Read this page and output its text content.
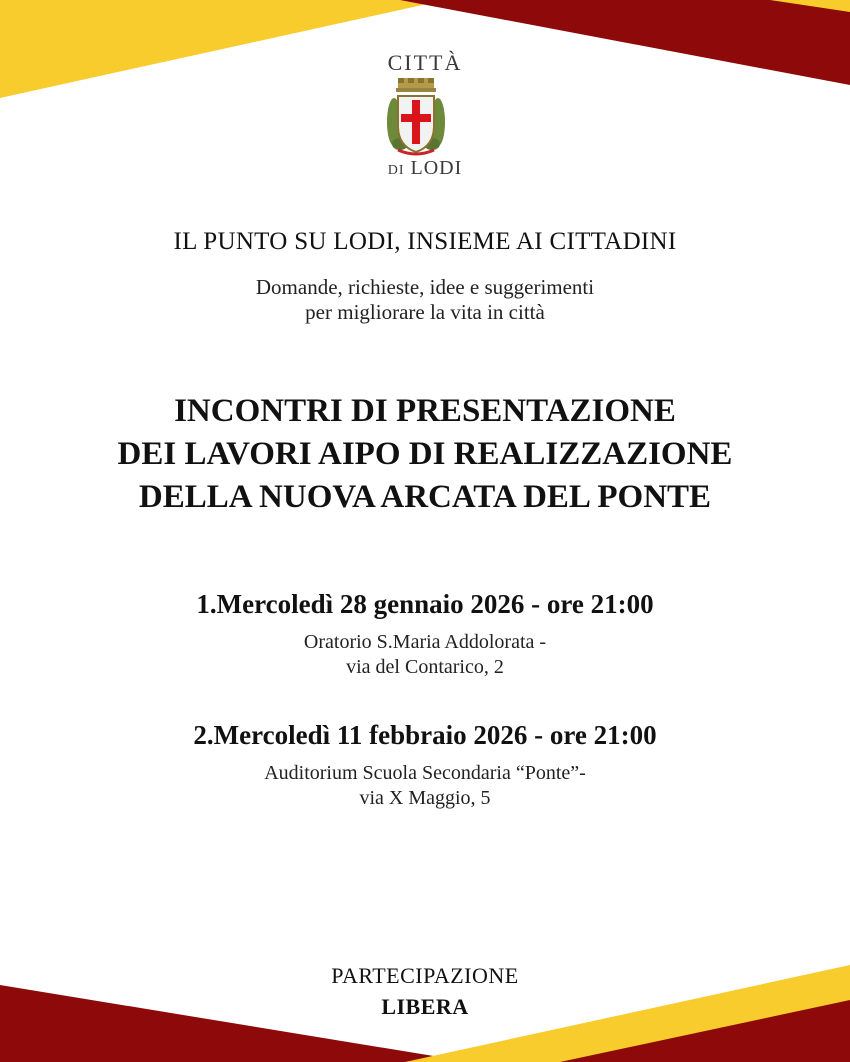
CITTÀ
DI LODI
IL PUNTO SU LODI, INSIEME AI CITTADINI
Domande, richieste, idee e suggerimenti
per migliorare la vita in città
INCONTRI DI PRESENTAZIONE
DEI LAVORI AIPO DI REALIZZAZIONE
DELLA NUOVA ARCATA DEL PONTE
1.Mercoledì 28 gennaio 2026 - ore 21:00
Oratorio S.Maria Addolorata -
via del Contarico, 2
2.Mercoledì 11 febbraio 2026 - ore 21:00
Auditorium Scuola Secondaria “Ponte”-
via X Maggio, 5
PARTECIPAZIONE
LIBERA
